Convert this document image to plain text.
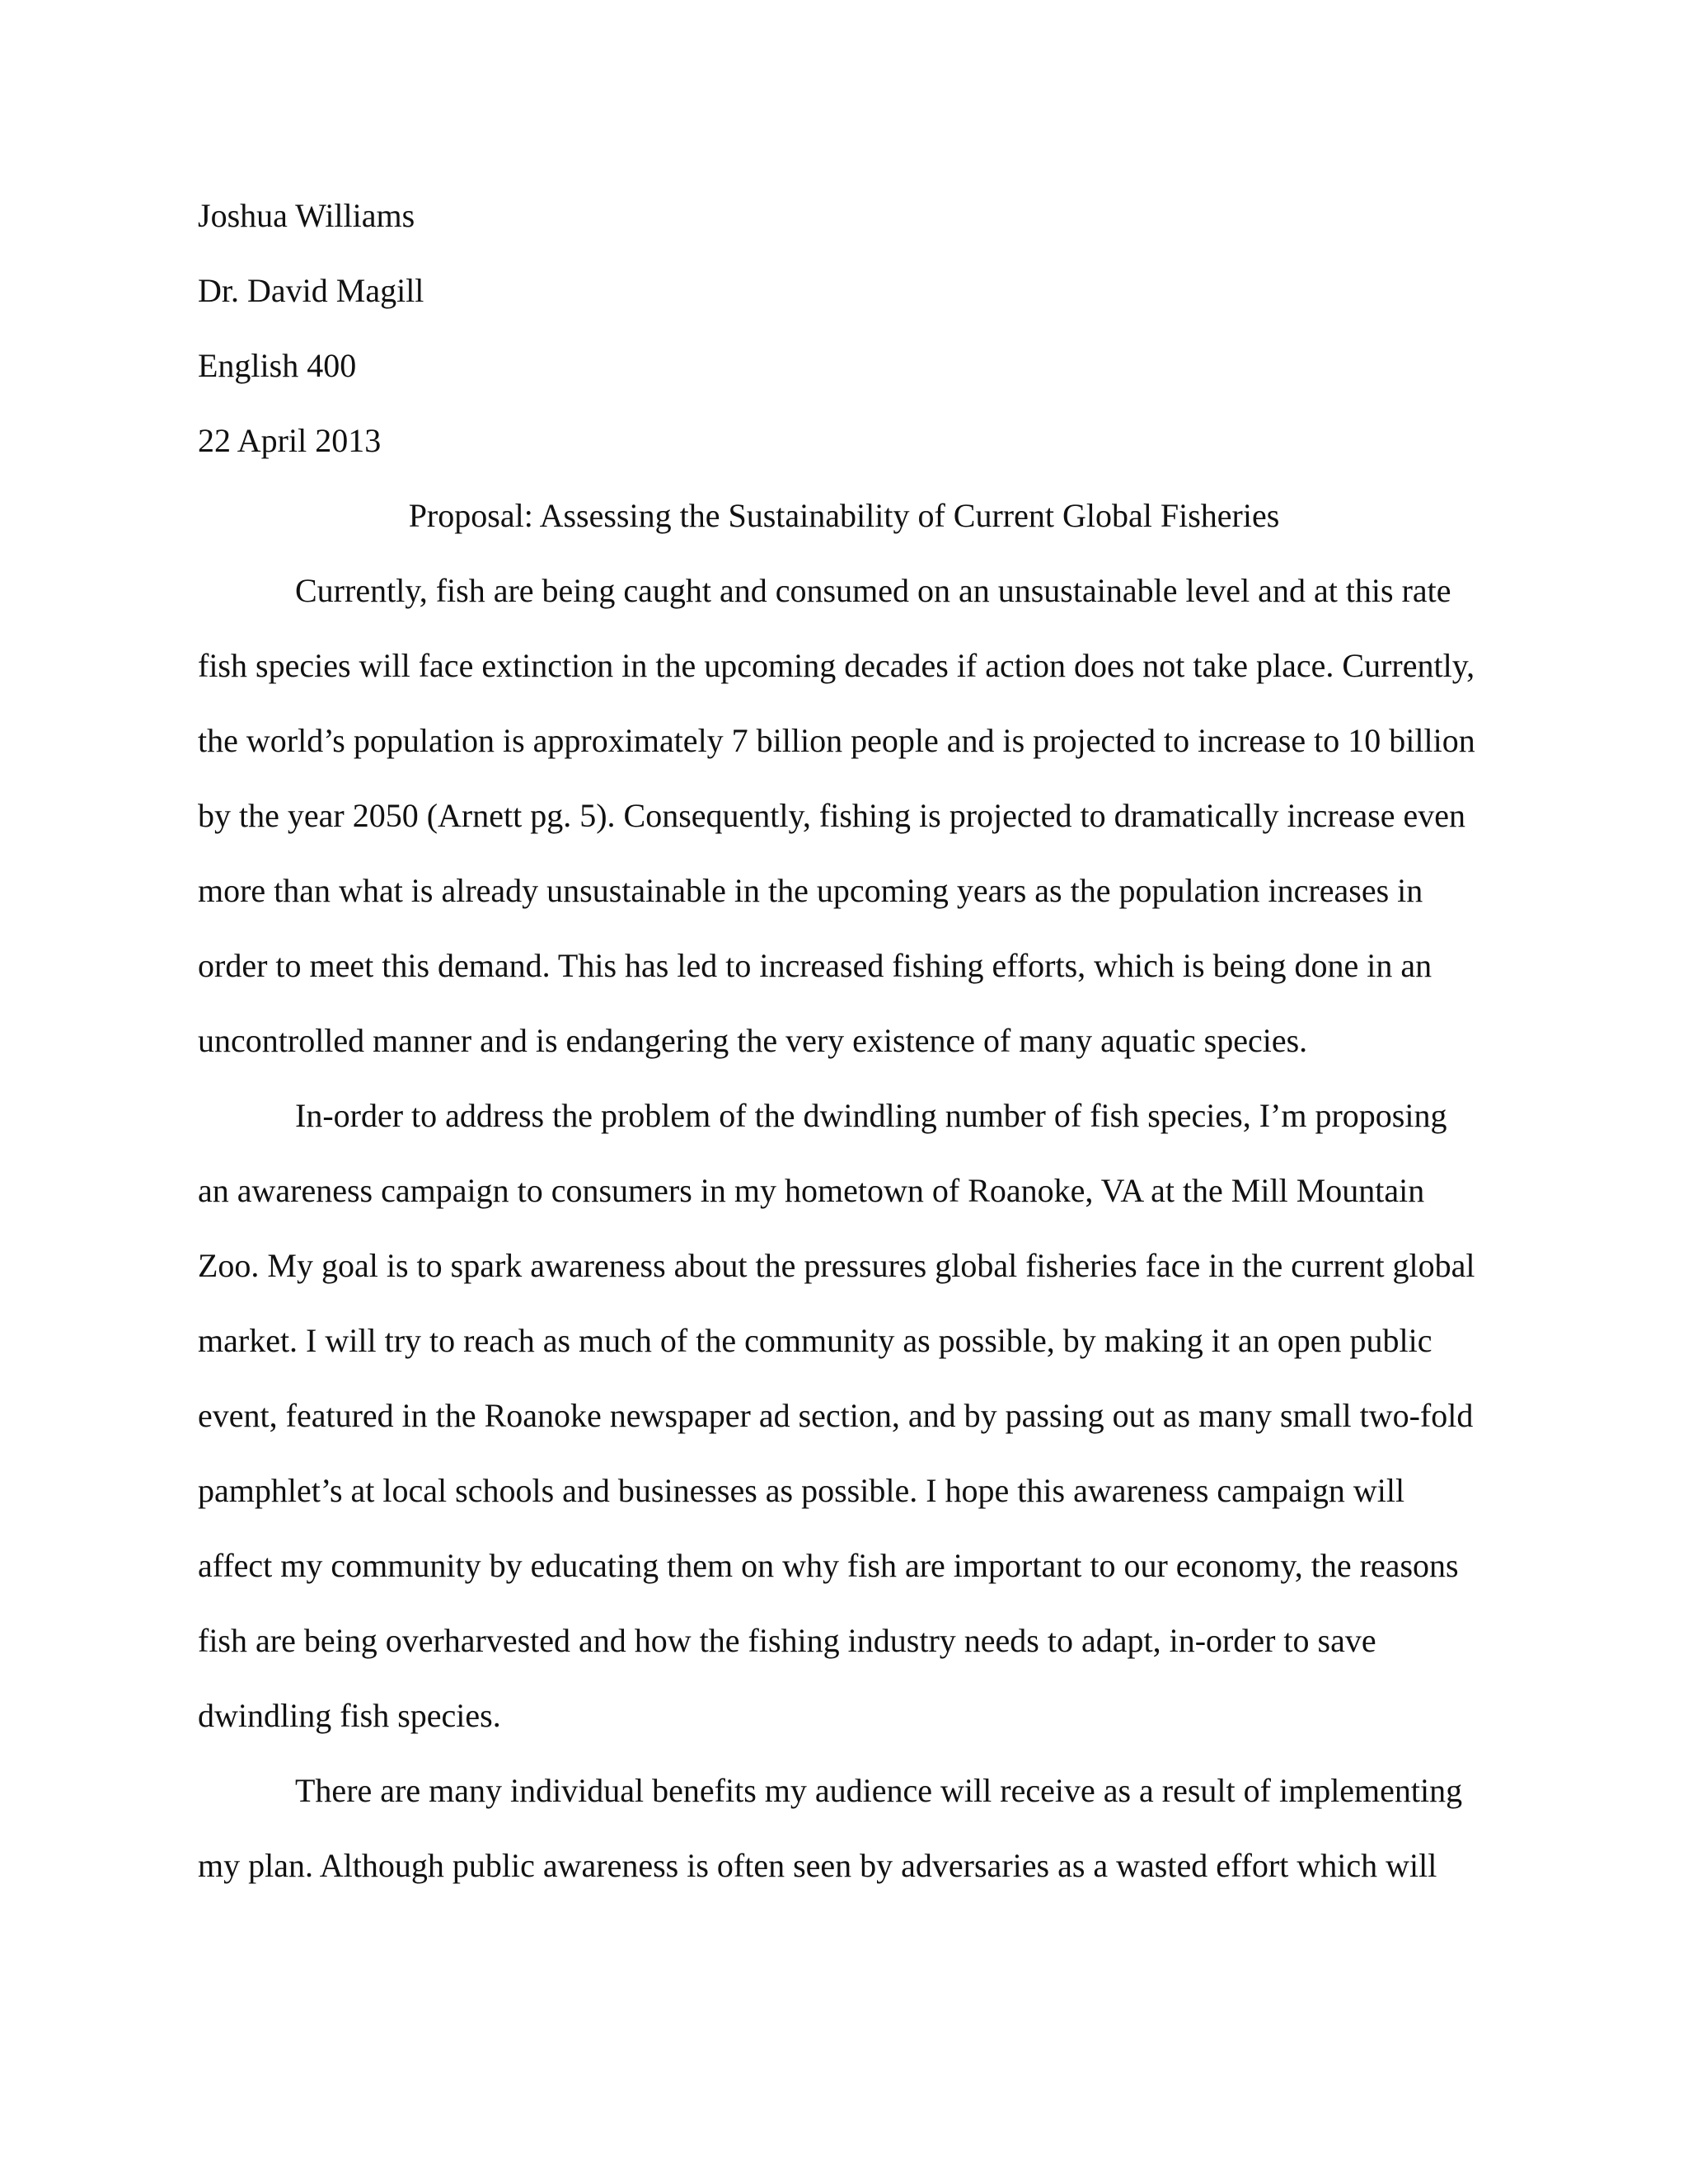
Joshua Williams

Dr. David Magill

English 400

22 April 2013

Proposal: Assessing the Sustainability of Current Global Fisheries

Currently, fish are being caught and consumed on an unsustainable level and at this rate

fish species will face extinction in the upcoming decades if action does not take place. Currently,

the world’s population is approximately 7 billion people and is projected to increase to 10 billion

by the year 2050 (Arnett pg. 5). Consequently, fishing is projected to dramatically increase even

more than what is already unsustainable in the upcoming years as the population increases in

order to meet this demand. This has led to increased fishing efforts, which is being done in an

uncontrolled manner and is endangering the very existence of many aquatic species.

In-order to address the problem of the dwindling number of fish species, I’m proposing

an awareness campaign to consumers in my hometown of Roanoke, VA at the Mill Mountain

Zoo. My goal is to spark awareness about the pressures global fisheries face in the current global

market. I will try to reach as much of the community as possible, by making it an open public

event, featured in the Roanoke newspaper ad section, and by passing out as many small two-fold

pamphlet’s at local schools and businesses as possible. I hope this awareness campaign will

affect my community by educating them on why fish are important to our economy, the reasons

fish are being overharvested and how the fishing industry needs to adapt, in-order to save

dwindling fish species.

There are many individual benefits my audience will receive as a result of implementing

my plan. Although public awareness is often seen by adversaries as a wasted effort which will
